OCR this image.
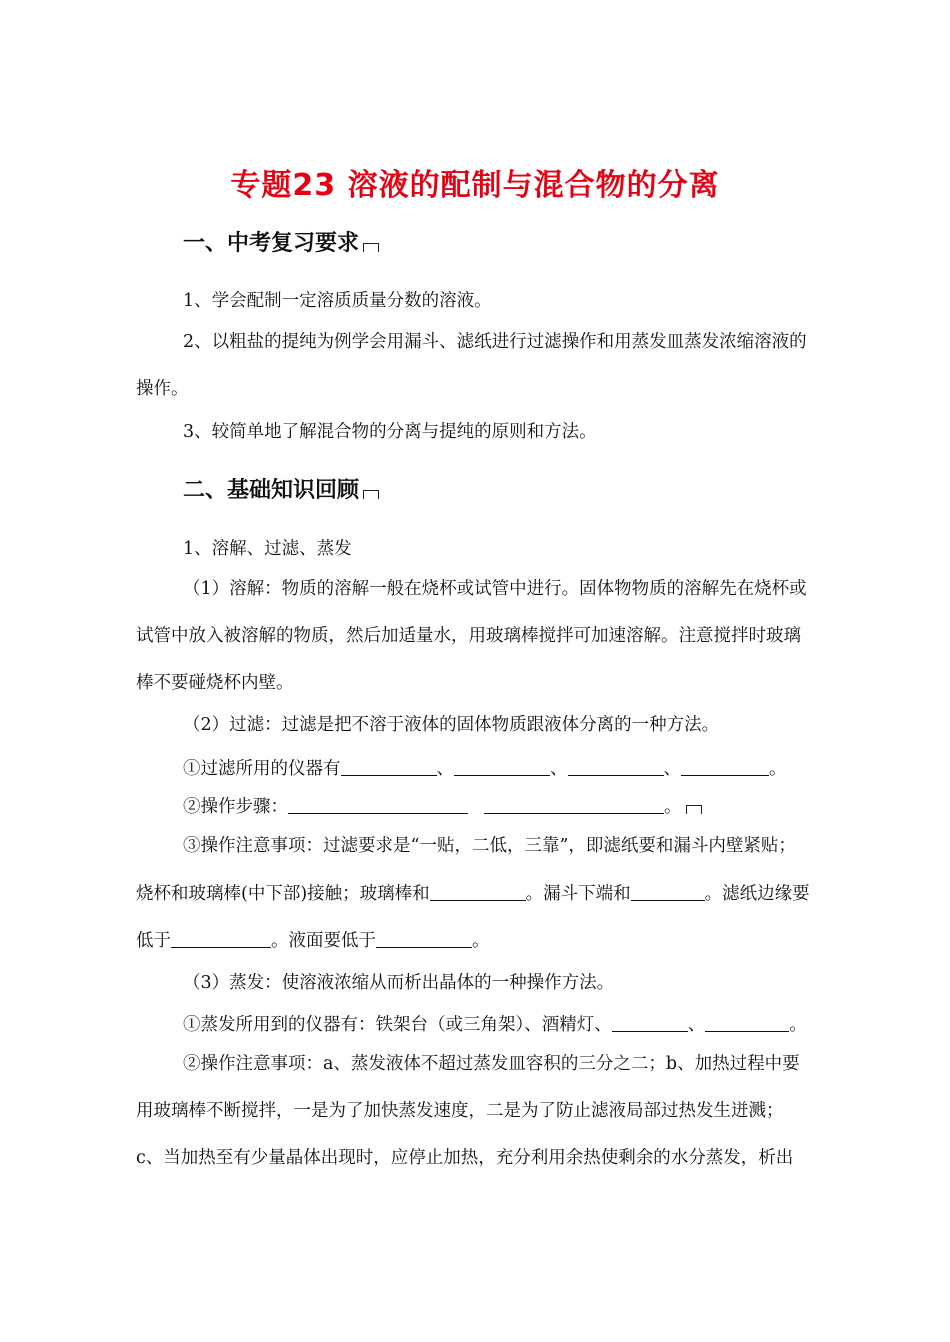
专题23 溶液的配制与混合物的分离
一、中考复习要求
1、学会配制一定溶质质量分数的溶液。
2、以粗盐的提纯为例学会用漏斗、滤纸进行过滤操作和用蒸发皿蒸发浓缩溶液的
操作。
3、较简单地了解混合物的分离与提纯的原则和方法。
二、基础知识回顾
1、溶解、过滤、蒸发
（1）溶解：物质的溶解一般在烧杯或试管中进行。固体物物质的溶解先在烧杯或
试管中放入被溶解的物质，然后加适量水，用玻璃棒搅拌可加速溶解。注意搅拌时玻璃
棒不要碰烧杯内壁。
（2）过滤：过滤是把不溶于液体的固体物质跟液体分离的一种方法。
①过滤所用的仪器有	、	、	、	。
②操作步骤：	。
③操作注意事项：过滤要求是“一贴，二低，三靠”，即滤纸要和漏斗内壁紧贴；
烧杯和玻璃棒(中下部)接触；玻璃棒和	。漏斗下端和	。滤纸边缘要
低于	。液面要低于	。
（3）蒸发：使溶液浓缩从而析出晶体的一种操作方法。
①蒸发所用到的仪器有：铁架台（或三角架）、酒精灯、	、	。
②操作注意事项：a、蒸发液体不超过蒸发皿容积的三分之二；b、加热过程中要
用玻璃棒不断搅拌，一是为了加快蒸发速度，二是为了防止滤液局部过热发生迸溅；
c、当加热至有少量晶体出现时，应停止加热，充分利用余热使剩余的水分蒸发，析出
